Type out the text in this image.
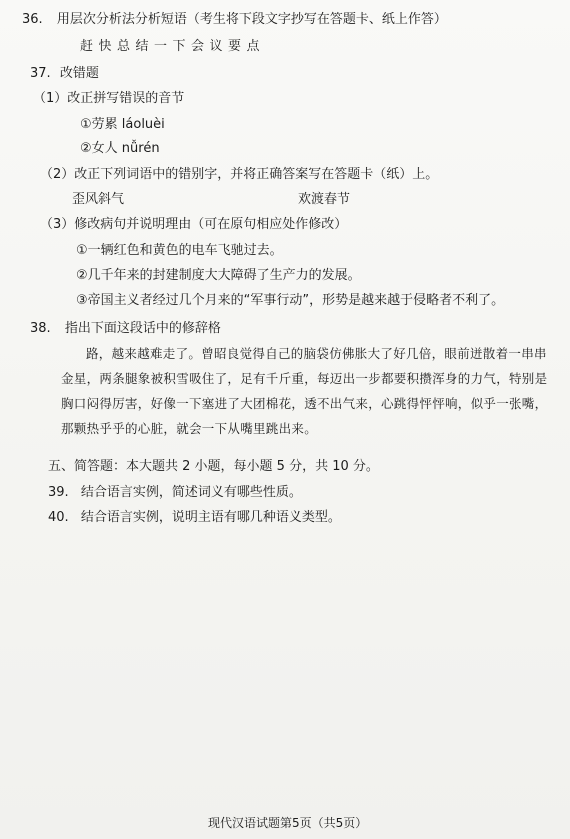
36. 用层次分析法分析短语（考生将下段文字抄写在答题卡、纸上作答）
赶快总结一下会议要点
37. 改错题
（1）改正拼写错误的音节
①劳累 láoluèi
②女人 nǚrén
（2）改正下列词语中的错别字，并将正确答案写在答题卡（纸）上。
歪风斜气	欢渡春节
（3）修改病句并说明理由（可在原句相应处作修改）
①一辆红色和黄色的电车飞驰过去。
②几千年来的封建制度大大障碍了生产力的发展。
③帝国主义者经过几个月来的“军事行动”，形势是越来越于侵略者不利了。
38. 指出下面这段话中的修辞格
路，越来越难走了。曾昭良觉得自己的脑袋仿佛胀大了好几倍，眼前迸散着一串串
金星，两条腿象被积雪吸住了，足有千斤重，每迈出一步都要积攒浑身的力气，特别是
胸口闷得厉害，好像一下塞进了大团棉花，透不出气来，心跳得怦怦响，似乎一张嘴，
那颗热乎乎的心脏，就会一下从嘴里跳出来。
五、简答题：本大题共 2 小题，每小题 5 分，共 10 分。
39. 结合语言实例，简述词义有哪些性质。
40. 结合语言实例，说明主语有哪几种语义类型。
现代汉语试题第5页（共5页）
